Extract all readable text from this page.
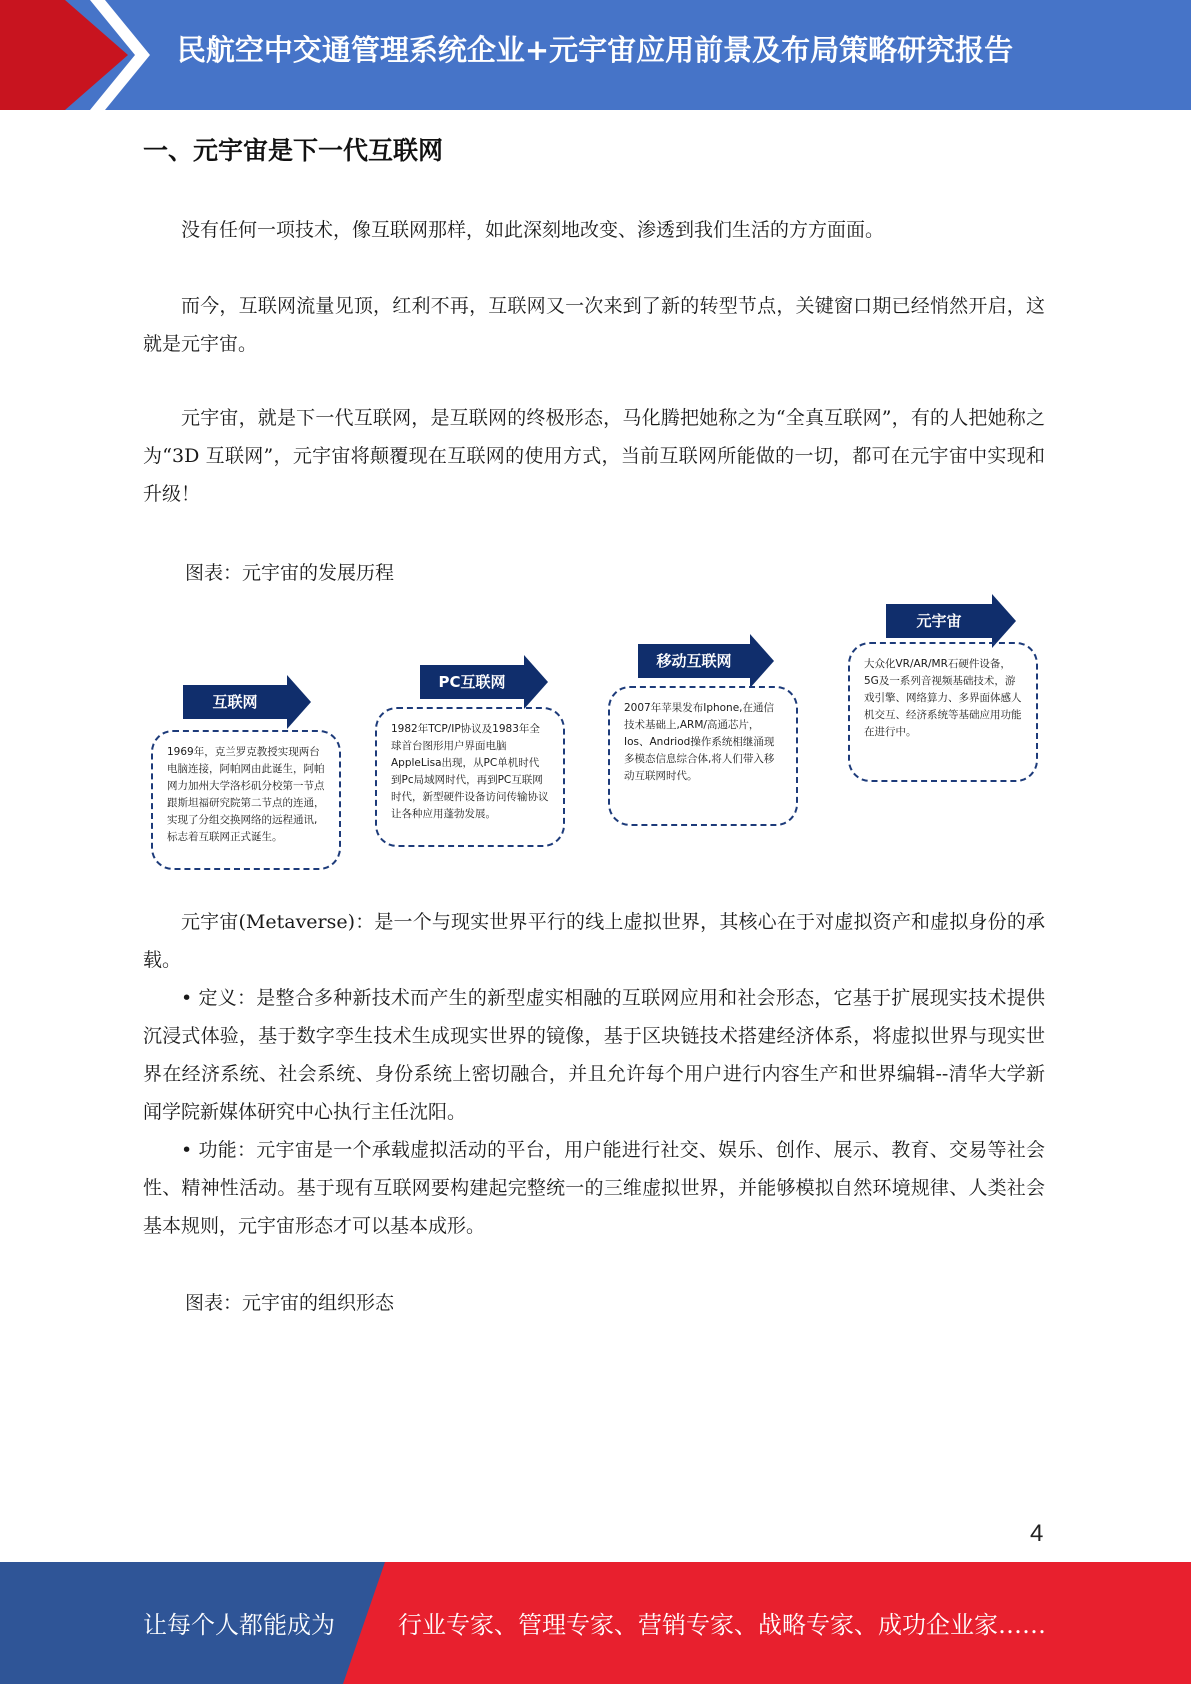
民航空中交通管理系统企业+元宇宙应用前景及布局策略研究报告
一、元宇宙是下一代互联网

没有任何一项技术，像互联网那样，如此深刻地改变、渗透到我们生活的方方面面。

而今，互联网流量见顶，红利不再，互联网又一次来到了新的转型节点，关键窗口期已经悄然开启，这就是元宇宙。

元宇宙，就是下一代互联网，是互联网的终极形态，马化腾把她称之为“全真互联网”，有的人把她称之为“3D 互联网”，元宇宙将颠覆现在互联网的使用方式，当前互联网所能做的一切，都可在元宇宙中实现和升级！

图表：元宇宙的发展历程
互联网
1969年，克兰罗克教授实现两台电脑连接，阿帕网由此诞生，阿帕网力加州大学洛杉矶分校第一节点跟斯坦福研究院第二节点的连通，实现了分组交换网络的远程通讯,标志着互联网正式诞生。
PC互联网
1982年TCP/IP协议及1983年全球首台图形用户界面电脑AppleLisa出现，从PC单机时代到Pc局域网时代，再到PC互联网时代，新型硬件设备访问传输协议让各种应用蓬勃发展。
移动互联网
2007年苹果发布Iphone,在通信技术基础上,ARM/高通芯片，Ios、Andriod操作系统相继涌现多模态信息综合体,将人们带入移动互联网时代。
元宇宙
大众化VR/AR/MR石硬件设备，5G及一系列音视频基础技术，游戏引擎、网络算力、多界面体感人机交互、经济系统等基础应用功能在进行中。

元宇宙(Metaverse)：是一个与现实世界平行的线上虚拟世界，其核心在于对虚拟资产和虚拟身份的承载。

• 定义：是整合多种新技术而产生的新型虚实相融的互联网应用和社会形态，它基于扩展现实技术提供沉浸式体验，基于数字孪生技术生成现实世界的镜像，基于区块链技术搭建经济体系，将虚拟世界与现实世界在经济系统、社会系统、身份系统上密切融合，并且允许每个用户进行内容生产和世界编辑--清华大学新闻学院新媒体研究中心执行主任沈阳。

• 功能：元宇宙是一个承载虚拟活动的平台，用户能进行社交、娱乐、创作、展示、教育、交易等社会性、精神性活动。基于现有互联网要构建起完整统一的三维虚拟世界，并能够模拟自然环境规律、人类社会基本规则，元宇宙形态才可以基本成形。

图表：元宇宙的组织形态
4
让每个人都能成为	行业专家、管理专家、营销专家、战略专家、成功企业家……
